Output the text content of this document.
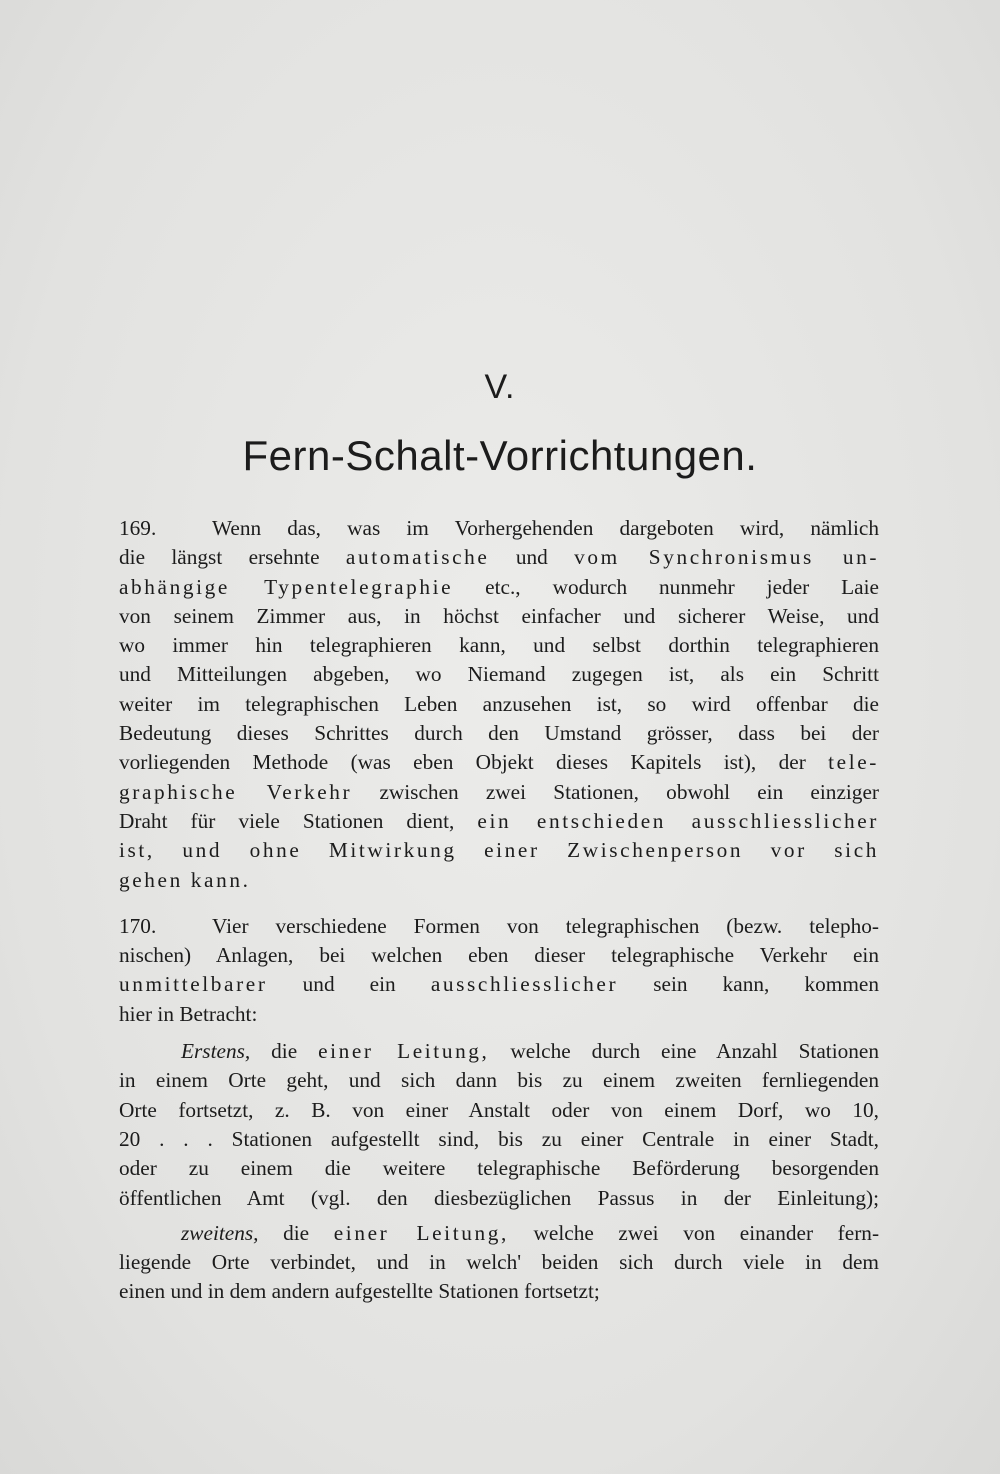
V.
Fern-Schalt-Vorrichtungen.
169.	Wenn das, was im Vorhergehenden dargeboten wird, nämlich
die längst ersehnte automatische und vom Synchronismus un-
abhängige Typentelegraphie etc., wodurch nunmehr jeder Laie
von seinem Zimmer aus, in höchst einfacher und sicherer Weise, und
wo immer hin telegraphieren kann, und selbst dorthin telegraphieren
und Mitteilungen abgeben, wo Niemand zugegen ist, als ein Schritt
weiter im telegraphischen Leben anzusehen ist, so wird offenbar die
Bedeutung dieses Schrittes durch den Umstand grösser, dass bei der
vorliegenden Methode (was eben Objekt dieses Kapitels ist), der tele-
graphische Verkehr zwischen zwei Stationen, obwohl ein einziger
Draht für viele Stationen dient, ein entschieden ausschliesslicher
ist, und ohne Mitwirkung einer Zwischenperson vor sich
gehen kann.
170.	Vier verschiedene Formen von telegraphischen (bezw. telepho-
nischen) Anlagen, bei welchen eben dieser telegraphische Verkehr ein
unmittelbarer und ein ausschliesslicher sein kann, kommen
hier in Betracht:
Erstens, die einer Leitung, welche durch eine Anzahl Stationen
in einem Orte geht, und sich dann bis zu einem zweiten fernliegenden
Orte fortsetzt, z. B. von einer Anstalt oder von einem Dorf, wo 10,
20 . . . Stationen aufgestellt sind, bis zu einer Centrale in einer Stadt,
oder zu einem die weitere telegraphische Beförderung besorgenden
öffentlichen Amt (vgl. den diesbezüglichen Passus in der Einleitung);
zweitens, die einer Leitung, welche zwei von einander fern-
liegende Orte verbindet, und in welch' beiden sich durch viele in dem
einen und in dem andern aufgestellte Stationen fortsetzt;
